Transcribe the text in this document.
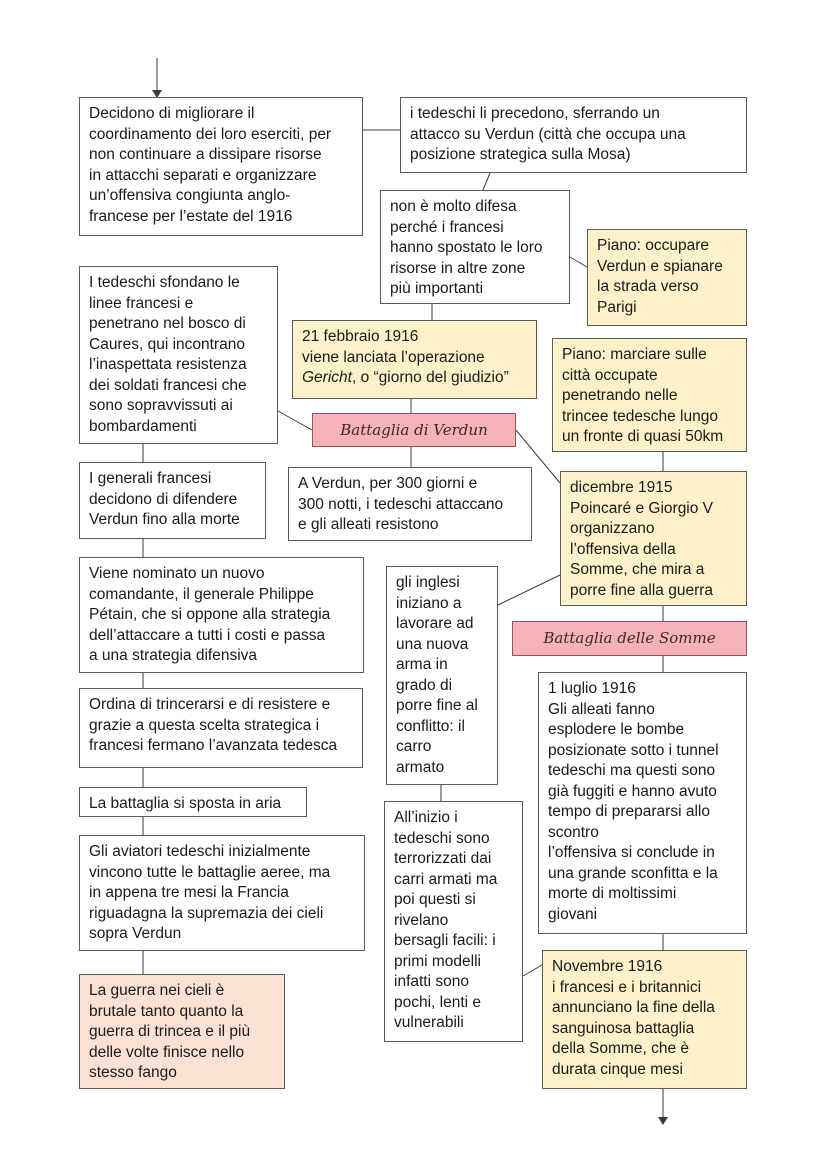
Decidono di migliorare il
coordinamento dei loro eserciti, per
non continuare a dissipare risorse
in attacchi separati e organizzare
un’offensiva congiunta anglo-
francese per l’estate del 1916
I tedeschi sfondano le
linee francesi e
penetrano nel bosco di
Caures, qui incontrano
l’inaspettata resistenza
dei soldati francesi che
sono sopravvissuti ai
bombardamenti
I generali francesi
decidono di difendere
Verdun fino alla morte
Viene nominato un nuovo
comandante, il generale Philippe
Pétain, che si oppone alla strategia
dell’attaccare a tutti i costi e passa
a una strategia difensiva
Ordina di trincerarsi e di resistere e
grazie a questa scelta strategica i
francesi fermano l’avanzata tedesca
La battaglia si sposta in aria
Gli aviatori tedeschi inizialmente
vincono tutte le battaglie aeree, ma
in appena tre mesi la Francia
riguadagna la supremazia dei cieli
sopra Verdun
La guerra nei cieli è
brutale tanto quanto la
guerra di trincea e il più
delle volte finisce nello
stesso fango
i tedeschi li precedono, sferrando un
attacco su Verdun (città che occupa una
posizione strategica sulla Mosa)
non è molto difesa
perché i francesi
hanno spostato le loro
risorse in altre zone
più importanti
21 febbraio 1916
viene lanciata l’operazione
Gericht, o “giorno del giudizio”
Battaglia di Verdun
A Verdun, per 300 giorni e
300 notti, i tedeschi attaccano
e gli alleati resistono
gli inglesi
iniziano a
lavorare ad
una nuova
arma in
grado di
porre fine al
conflitto: il
carro
armato
All’inizio i
tedeschi sono
terrorizzati dai
carri armati ma
poi questi si
rivelano
bersagli facili: i
primi modelli
infatti sono
pochi, lenti e
vulnerabili
Piano: occupare
Verdun e spianare
la strada verso
Parigi
Piano: marciare sulle
città occupate
penetrando nelle
trincee tedesche lungo
un fronte di quasi 50km
dicembre 1915
Poincaré e Giorgio V
organizzano
l’offensiva della
Somme, che mira a
porre fine alla guerra
Battaglia delle Somme
1 luglio 1916
Gli alleati fanno
esplodere le bombe
posizionate sotto i tunnel
tedeschi ma questi sono
già fuggiti e hanno avuto
tempo di prepararsi allo
scontro
l’offensiva si conclude in
una grande sconfitta e la
morte di moltissimi
giovani
Novembre 1916
i francesi e i britannici
annunciano la fine della
sanguinosa battaglia
della Somme, che è
durata cinque mesi
